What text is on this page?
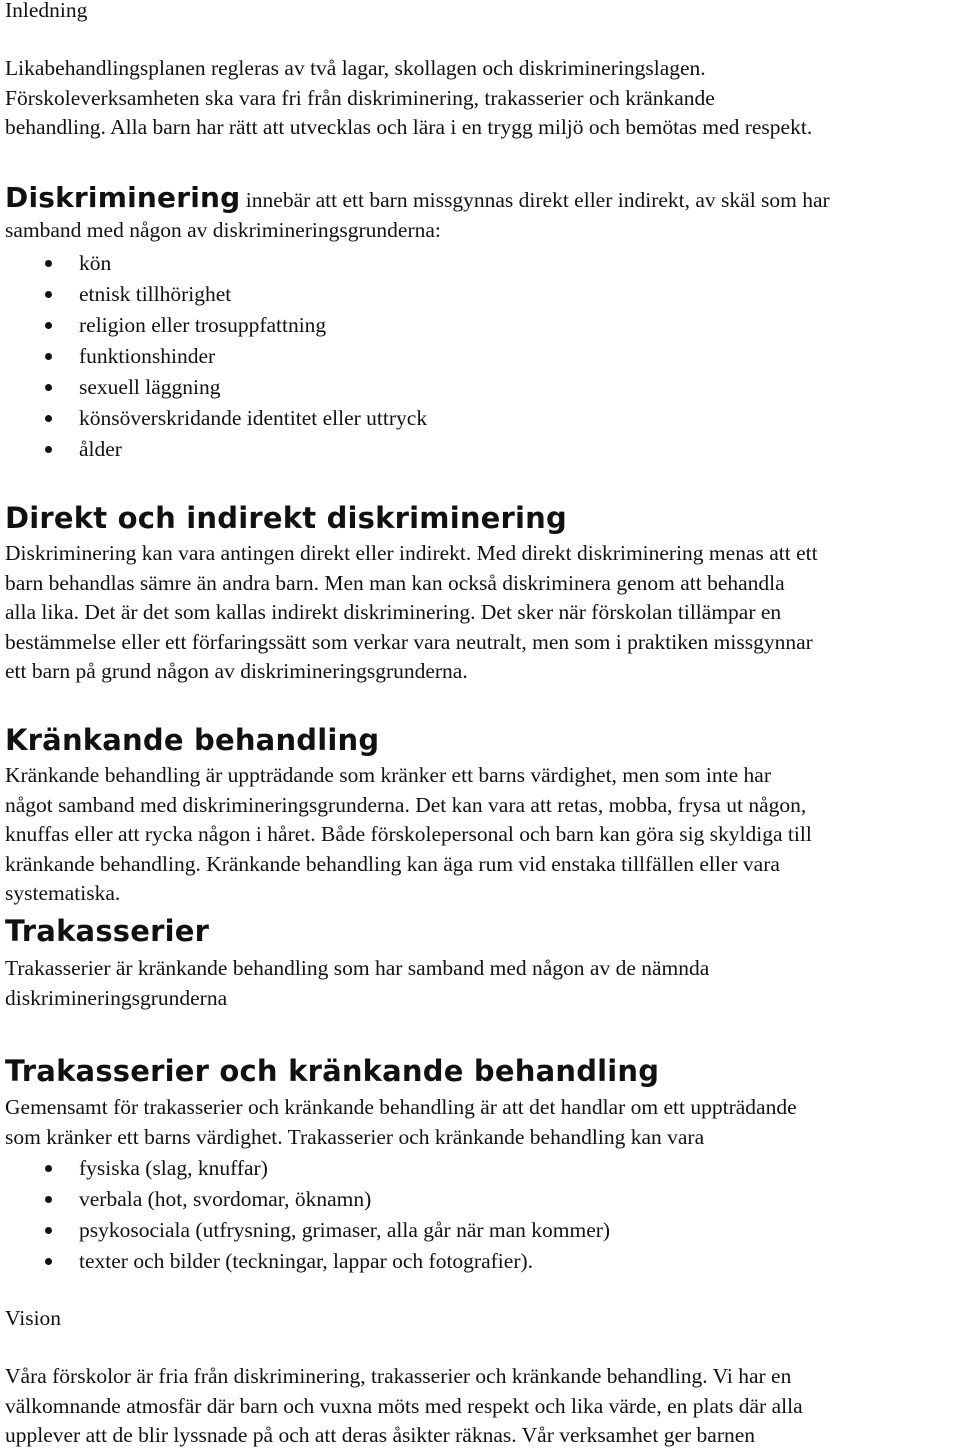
Inledning

Likabehandlingsplanen regleras av två lagar, skollagen och diskrimineringslagen.

Förskoleverksamheten ska vara fri från diskriminering, trakasserier och kränkande

behandling. Alla barn har rätt att utvecklas och lära i en trygg miljö och bemötas med respekt.

Diskriminering innebär att ett barn missgynnas direkt eller indirekt, av skäl som har

samband med någon av diskrimineringsgrunderna:

kön
etnisk tillhörighet
religion eller trosuppfattning
funktionshinder
sexuell läggning
könsöverskridande identitet eller uttryck
ålder
Direkt och indirekt diskriminering

Diskriminering kan vara antingen direkt eller indirekt. Med direkt diskriminering menas att ett

barn behandlas sämre än andra barn. Men man kan också diskriminera genom att behandla

alla lika. Det är det som kallas indirekt diskriminering. Det sker när förskolan tillämpar en

bestämmelse eller ett förfaringssätt som verkar vara neutralt, men som i praktiken missgynnar

ett barn på grund någon av diskrimineringsgrunderna.

Kränkande behandling

Kränkande behandling är uppträdande som kränker ett barns värdighet, men som inte har

något samband med diskrimineringsgrunderna. Det kan vara att retas, mobba, frysa ut någon,

knuffas eller att rycka någon i håret. Både förskolepersonal och barn kan göra sig skyldiga till

kränkande behandling. Kränkande behandling kan äga rum vid enstaka tillfällen eller vara

systematiska.

Trakasserier

Trakasserier är kränkande behandling som har samband med någon av de nämnda

diskrimineringsgrunderna

Trakasserier och kränkande behandling

Gemensamt för trakasserier och kränkande behandling är att det handlar om ett uppträdande

som kränker ett barns värdighet. Trakasserier och kränkande behandling kan vara

fysiska (slag, knuffar)
verbala (hot, svordomar, öknamn)
psykosociala (utfrysning, grimaser, alla går när man kommer)
texter och bilder (teckningar, lappar och fotografier).
Vision

Våra förskolor är fria från diskriminering, trakasserier och kränkande behandling. Vi har en

välkomnande atmosfär där barn och vuxna möts med respekt och lika värde, en plats där alla

upplever att de blir lyssnade på och att deras åsikter räknas. Vår verksamhet ger barnen
